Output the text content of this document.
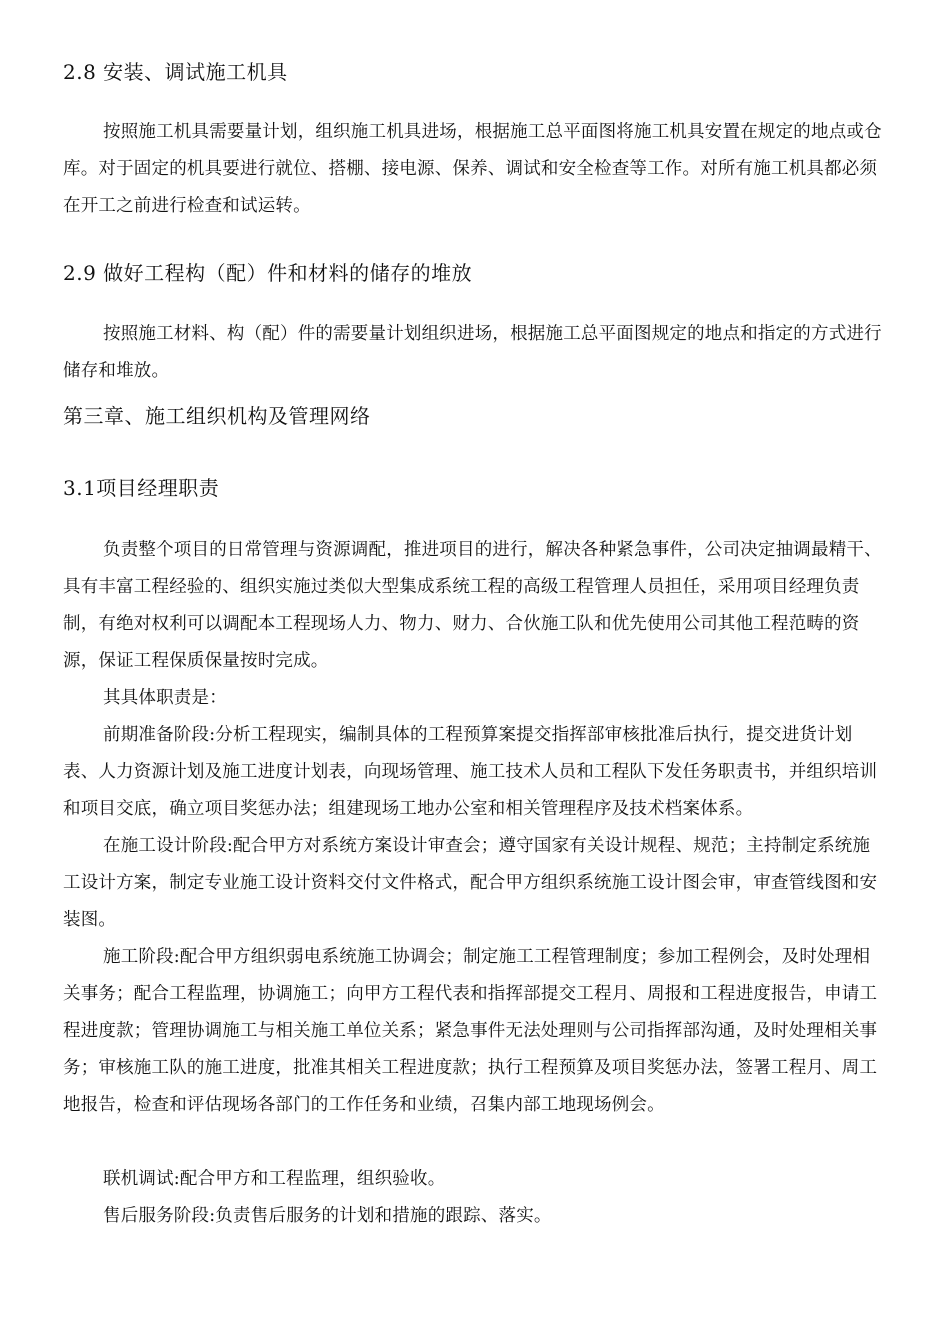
2.8 安装、调试施工机具
按照施工机具需要量计划，组织施工机具进场，根据施工总平面图将施工机具安置在规定的地点或仓库。对于固定的机具要进行就位、搭棚、接电源、保养、调试和安全检查等工作。对所有施工机具都必须在开工之前进行检查和试运转。
2.9 做好工程构（配）件和材料的储存的堆放
按照施工材料、构（配）件的需要量计划组织进场，根据施工总平面图规定的地点和指定的方式进行储存和堆放。
第三章、施工组织机构及管理网络
3.1项目经理职责
负责整个项目的日常管理与资源调配，推进项目的进行，解决各种紧急事件，公司决定抽调最精干、具有丰富工程经验的、组织实施过类似大型集成系统工程的高级工程管理人员担任，采用项目经理负责制，有绝对权利可以调配本工程现场人力、物力、财力、合伙施工队和优先使用公司其他工程范畴的资源，保证工程保质保量按时完成。
其具体职责是：
前期准备阶段:分析工程现实，编制具体的工程预算案提交指挥部审核批准后执行，提交进货计划表、人力资源计划及施工进度计划表，向现场管理、施工技术人员和工程队下发任务职责书，并组织培训和项目交底，确立项目奖惩办法；组建现场工地办公室和相关管理程序及技术档案体系。
在施工设计阶段:配合甲方对系统方案设计审查会；遵守国家有关设计规程、规范；主持制定系统施工设计方案，制定专业施工设计资料交付文件格式，配合甲方组织系统施工设计图会审，审查管线图和安装图。
施工阶段:配合甲方组织弱电系统施工协调会；制定施工工程管理制度；参加工程例会，及时处理相关事务；配合工程监理，协调施工；向甲方工程代表和指挥部提交工程月、周报和工程进度报告，申请工程进度款；管理协调施工与相关施工单位关系；紧急事件无法处理则与公司指挥部沟通，及时处理相关事务；审核施工队的施工进度，批准其相关工程进度款；执行工程预算及项目奖惩办法，签署工程月、周工地报告，检查和评估现场各部门的工作任务和业绩，召集内部工地现场例会。
联机调试:配合甲方和工程监理，组织验收。
售后服务阶段:负责售后服务的计划和措施的跟踪、落实。
